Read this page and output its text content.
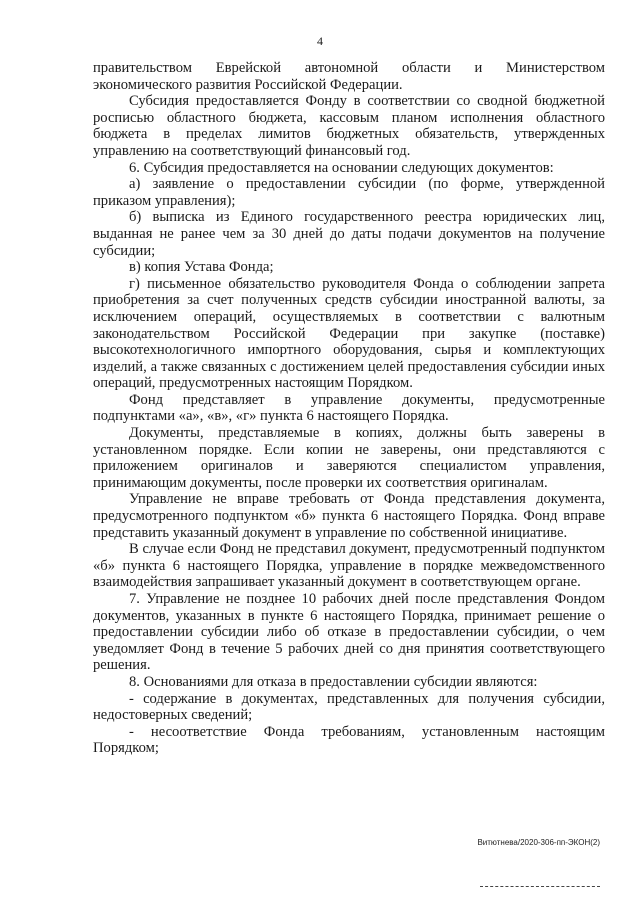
4

правительством Еврейской автономной области и Министерством экономического развития Российской Федерации.

Субсидия предоставляется Фонду в соответствии со сводной бюджетной росписью областного бюджета, кассовым планом исполнения областного бюджета в пределах лимитов бюджетных обязательств, утвержденных управлению на соответствующий финансовый год.

6. Субсидия предоставляется на основании следующих документов:

а) заявление о предоставлении субсидии (по форме, утвержденной приказом управления);

б) выписка из Единого государственного реестра юридических лиц, выданная не ранее чем за 30 дней до даты подачи документов на получение субсидии;

в) копия Устава Фонда;

г) письменное обязательство руководителя Фонда о соблюдении запрета приобретения за счет полученных средств субсидии иностранной валюты, за исключением операций, осуществляемых в соответствии с валютным законодательством Российской Федерации при закупке (поставке) высокотехнологичного импортного оборудования, сырья и комплектующих изделий, а также связанных с достижением целей предоставления субсидии иных операций, предусмотренных настоящим Порядком.

Фонд представляет в управление документы, предусмотренные подпунктами «а», «в», «г» пункта 6 настоящего Порядка.

Документы, представляемые в копиях, должны быть заверены в установленном порядке. Если копии не заверены, они представляются с приложением оригиналов и заверяются специалистом управления, принимающим документы, после проверки их соответствия оригиналам.

Управление не вправе требовать от Фонда представления документа, предусмотренного подпунктом «б» пункта 6 настоящего Порядка. Фонд вправе представить указанный документ в управление по собственной инициативе.

В случае если Фонд не представил документ, предусмотренный подпунктом «б» пункта 6 настоящего Порядка, управление в порядке межведомственного взаимодействия запрашивает указанный документ в соответствующем органе.

7. Управление не позднее 10 рабочих дней после представления Фондом документов, указанных в пункте 6 настоящего Порядка, принимает решение о предоставлении субсидии либо об отказе в предоставлении субсидии, о чем уведомляет Фонд в течение 5 рабочих дней со дня принятия соответствующего решения.

8. Основаниями для отказа в предоставлении субсидии являются:

- содержание в документах, представленных для получения субсидии, недостоверных сведений;

- несоответствие Фонда требованиям, установленным настоящим Порядком;

Витютнева/2020-306-пп-ЭКОН(2)
